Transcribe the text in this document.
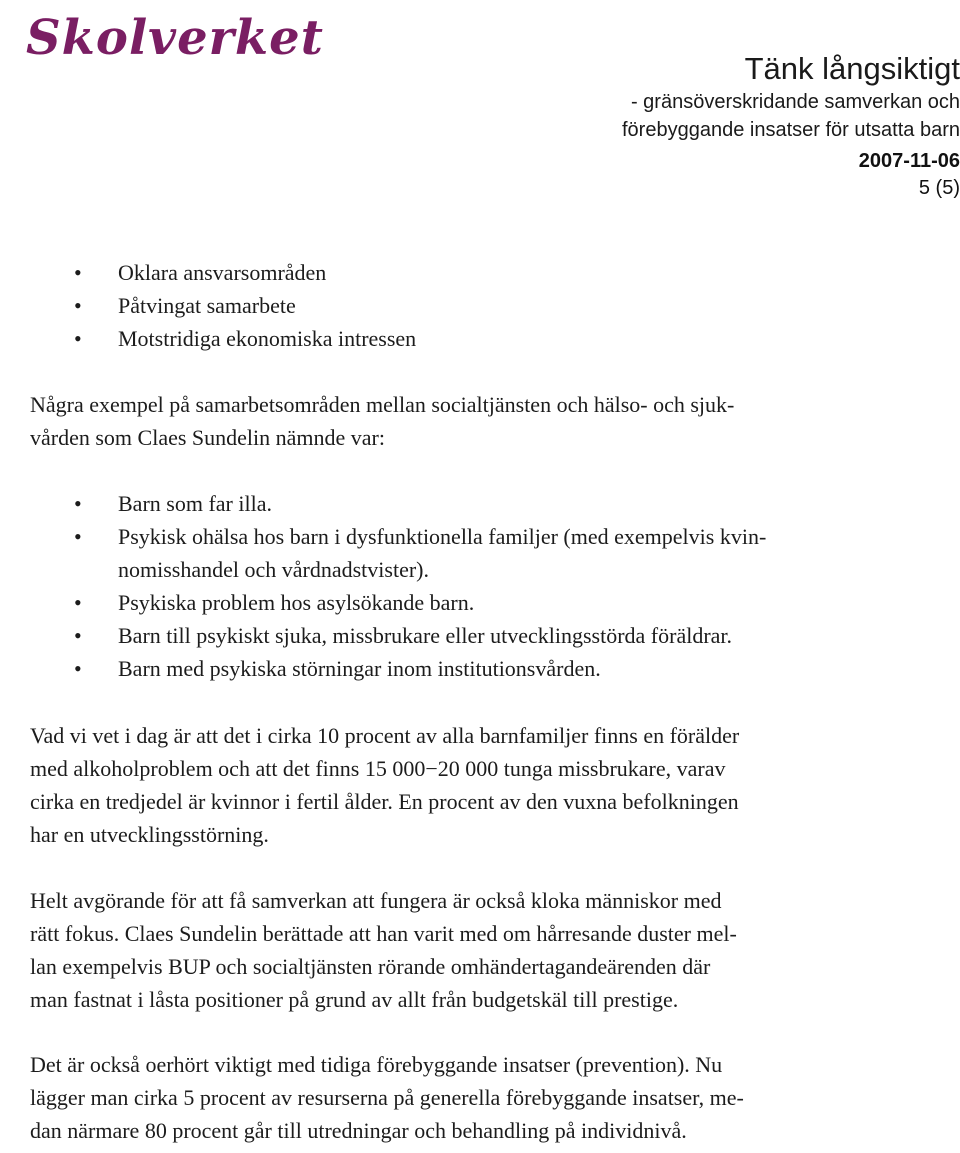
Skolverket
Tänk långsiktigt
- gränsöverskridande samverkan och
förebyggande insatser för utsatta barn
2007-11-06
5 (5)
• Oklara ansvarsområden
• Påtvingat samarbete
• Motstridiga ekonomiska intressen

Några exempel på samarbetsområden mellan socialtjänsten och hälso- och sjuk-
vården som Claes Sundelin nämnde var:

• Barn som far illa.
• Psykisk ohälsa hos barn i dysfunktionella familjer (med exempelvis kvin-
nomisshandel och vårdnadstvister).
• Psykiska problem hos asylsökande barn.
• Barn till psykiskt sjuka, missbrukare eller utvecklingsstörda föräldrar.
• Barn med psykiska störningar inom institutionsvården.

Vad vi vet i dag är att det i cirka 10 procent av alla barnfamiljer finns en förälder
med alkoholproblem och att det finns 15 000−20 000 tunga missbrukare, varav
cirka en tredjedel är kvinnor i fertil ålder. En procent av den vuxna befolkningen
har en utvecklingsstörning.

Helt avgörande för att få samverkan att fungera är också kloka människor med
rätt fokus. Claes Sundelin berättade att han varit med om hårresande duster mel-
lan exempelvis BUP och socialtjänsten rörande omhändertagandeärenden där
man fastnat i låsta positioner på grund av allt från budgetskäl till prestige.

Det är också oerhört viktigt med tidiga förebyggande insatser (prevention). Nu
lägger man cirka 5 procent av resurserna på generella förebyggande insatser, me-
dan närmare 80 procent går till utredningar och behandling på individnivå.
